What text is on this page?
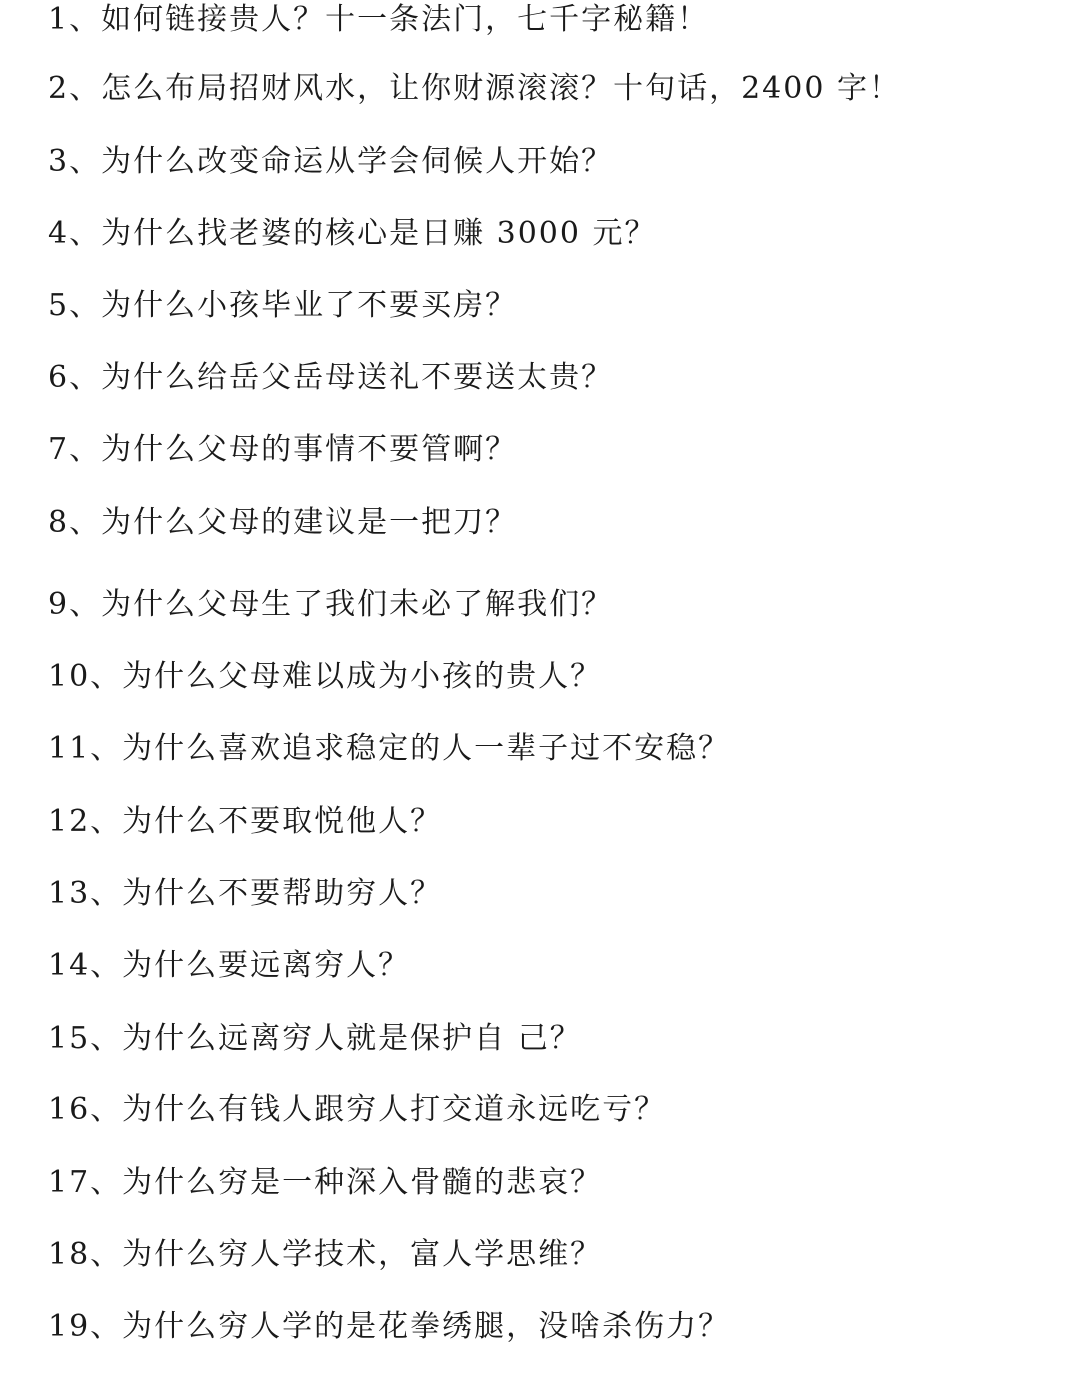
1、如何链接贵人？十一条法门，七千字秘籍！
2、怎么布局招财风水，让你财源滚滚？十句话，2400 字！
3、为什么改变命运从学会伺候人开始？
4、为什么找老婆的核心是日赚 3000 元？
5、为什么小孩毕业了不要买房？
6、为什么给岳父岳母送礼不要送太贵？
7、为什么父母的事情不要管啊？
8、为什么父母的建议是一把刀？
9、为什么父母生了我们未必了解我们？
10、为什么父母难以成为小孩的贵人？
11、为什么喜欢追求稳定的人一辈子过不安稳？
12、为什么不要取悦他人？
13、为什么不要帮助穷人？
14、为什么要远离穷人？
15、为什么远离穷人就是保护自 己？
16、为什么有钱人跟穷人打交道永远吃亏？
17、为什么穷是一种深入骨髓的悲哀？
18、为什么穷人学技术，富人学思维？
19、为什么穷人学的是花拳绣腿，没啥杀伤力？
